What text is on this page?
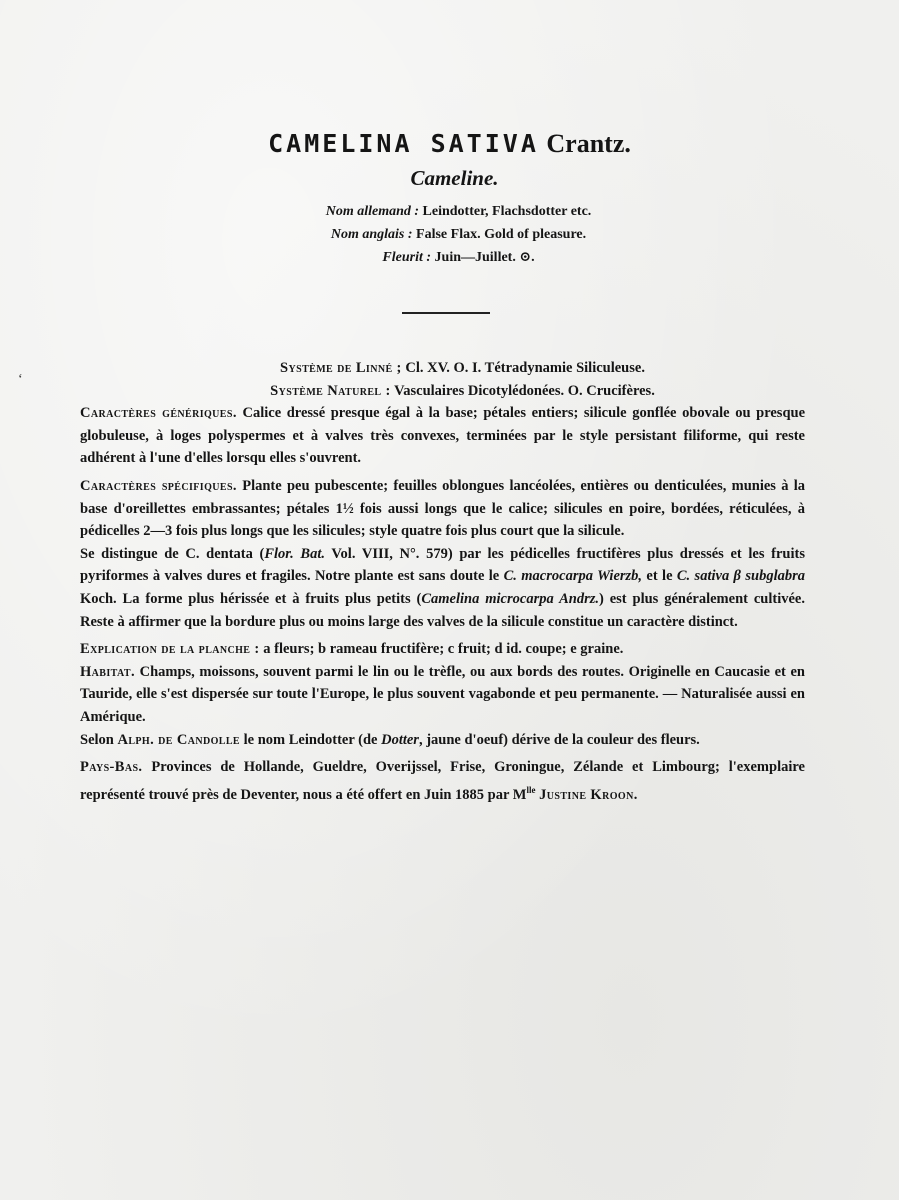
ʻ
CAMELINA SATIVA Crantz.
Cameline.
Nom allemand : Leindotter, Flachsdotter etc.
Nom anglais : False Flax. Gold of pleasure.
Fleurit : Juin—Juillet. ⊙.
Système de Linné ; Cl. XV. O. I. Tétradynamie Siliculeuse.
Système Naturel : Vasculaires Dicotylédonées. O. Crucifères.

Caractères génériques. Calice dressé presque égal à la base; pétales entiers; silicule gonflée obovale ou presque globuleuse, à loges polyspermes et à valves très convexes, terminées par le style persistant filiforme, qui reste adhérent à l'une d'elles lorsqu elles s'ouvrent.

Caractères spécifiques. Plante peu pubescente; feuilles oblongues lancéolées, entières ou denticulées, munies à la base d'oreillettes embrassantes; pétales 1½ fois aussi longs que le calice; silicules en poire, bordées, réticulées, à pédicelles 2—3 fois plus longs que les silicules; style quatre fois plus court que la silicule.

Se distingue de C. dentata (Flor. Bat. Vol. VIII, N°. 579) par les pédicelles fructifères plus dressés et les fruits pyriformes à valves dures et fragiles. Notre plante est sans doute le C. macrocarpa Wierzb, et le C. sativa β subglabra Koch. La forme plus hérissée et à fruits plus petits (Camelina microcarpa Andrz.) est plus généralement cultivée. Reste à affirmer que la bordure plus ou moins large des valves de la silicule constitue un caractère distinct.

Explication de la planche : a fleurs; b rameau fructifère; c fruit; d id. coupe; e graine.

Habitat. Champs, moissons, souvent parmi le lin ou le trèfle, ou aux bords des routes. Originelle en Caucasie et en Tauride, elle s'est dispersée sur toute l'Europe, le plus souvent vagabonde et peu permanente. — Naturalisée aussi en Amérique.

Selon Alph. de Candolle le nom Leindotter (de Dotter, jaune d'oeuf) dérive de la couleur des fleurs.

Pays-Bas. Provinces de Hollande, Gueldre, Overijssel, Frise, Groningue, Zélande et Limbourg; l'exemplaire représenté trouvé près de Deventer, nous a été offert en Juin 1885 par $M^{lle}$ Justine Kroon.
